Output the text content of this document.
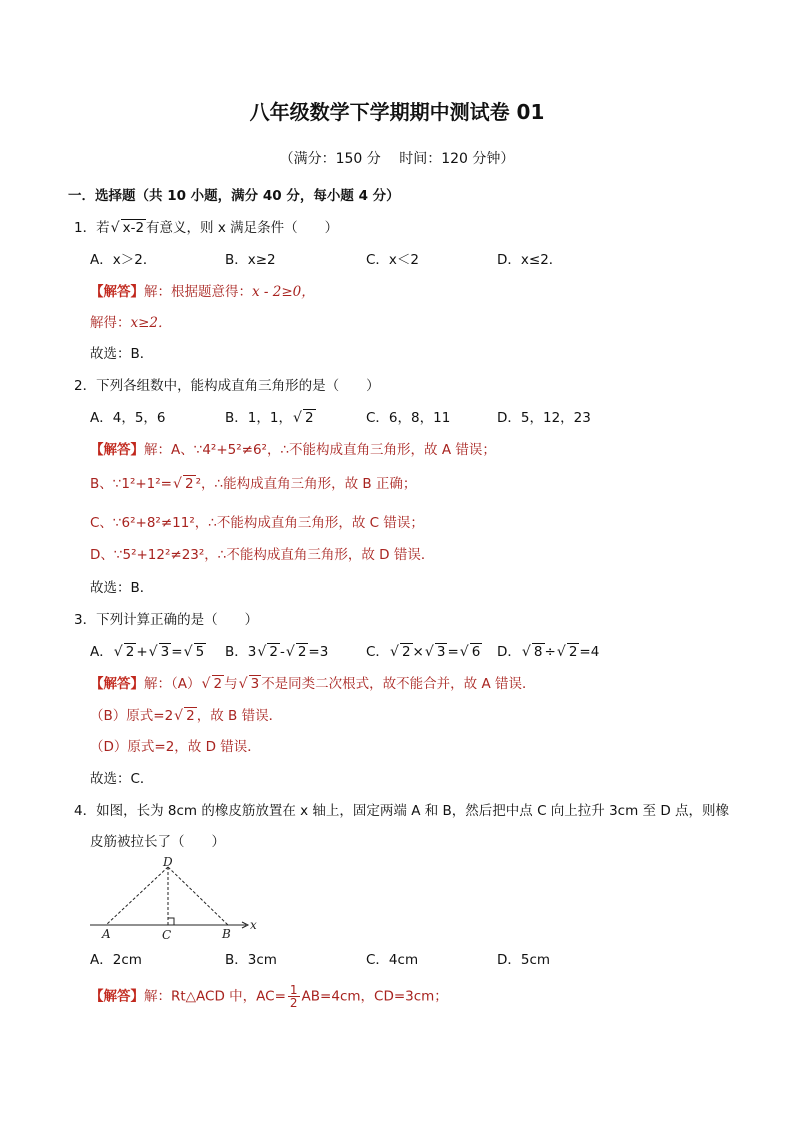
八年级数学下学期期中测试卷 01
（满分：150 分　 时间：120 分钟）
一．选择题（共 10 小题，满分 40 分，每小题 4 分）
1．若 √ x-2 有意义，则 x 满足条件（　　）
A．x＞2．	B．x≥2	C．x＜2	D．x≤2．
【解答】解：根据题意得：x - 2≥0，
解得：x≥2．
故选：B．
2．下列各组数中，能构成直角三角形的是（　　）
A．4，5，6	B．1，1， √ 2	C．6，8，11	D．5，12，23
【解答】解：A、∵4²+5²≠6²，∴不能构成直角三角形，故 A 错误；
B、∵1²+1²= √ 2 ²，∴能构成直角三角形，故 B 正确；
C、∵6²+8²≠11²，∴不能构成直角三角形，故 C 错误；
D、∵5²+12²≠23²，∴不能构成直角三角形，故 D 错误．
故选：B．
3．下列计算正确的是（　　）
A． √ 2 + √ 3 = √ 5 B．3 √ 2 - √ 2 =3	C． √ 2 × √ 3 = √ 6 D． √ 8 ÷ √ 2 =4
【解答】解：（A） √ 2 与 √ 3 不是同类二次根式，故不能合并，故 A 错误．
（B）原式=2 √ 2 ，故 B 错误．
（D）原式=2，故 D 错误．
故选：C．
4．如图，长为 8cm 的橡皮筋放置在 x 轴上，固定两端 A 和 B，然后把中点 C 向上拉升 3cm 至 D 点，则橡
皮筋被拉长了（　　）
D
A	C	B
x
A．2cm	B．3cm	C．4cm	D．5cm
【解答】解：Rt△ACD 中，$AC= \frac{1}{2} AB=4cm$，CD=3cm；
